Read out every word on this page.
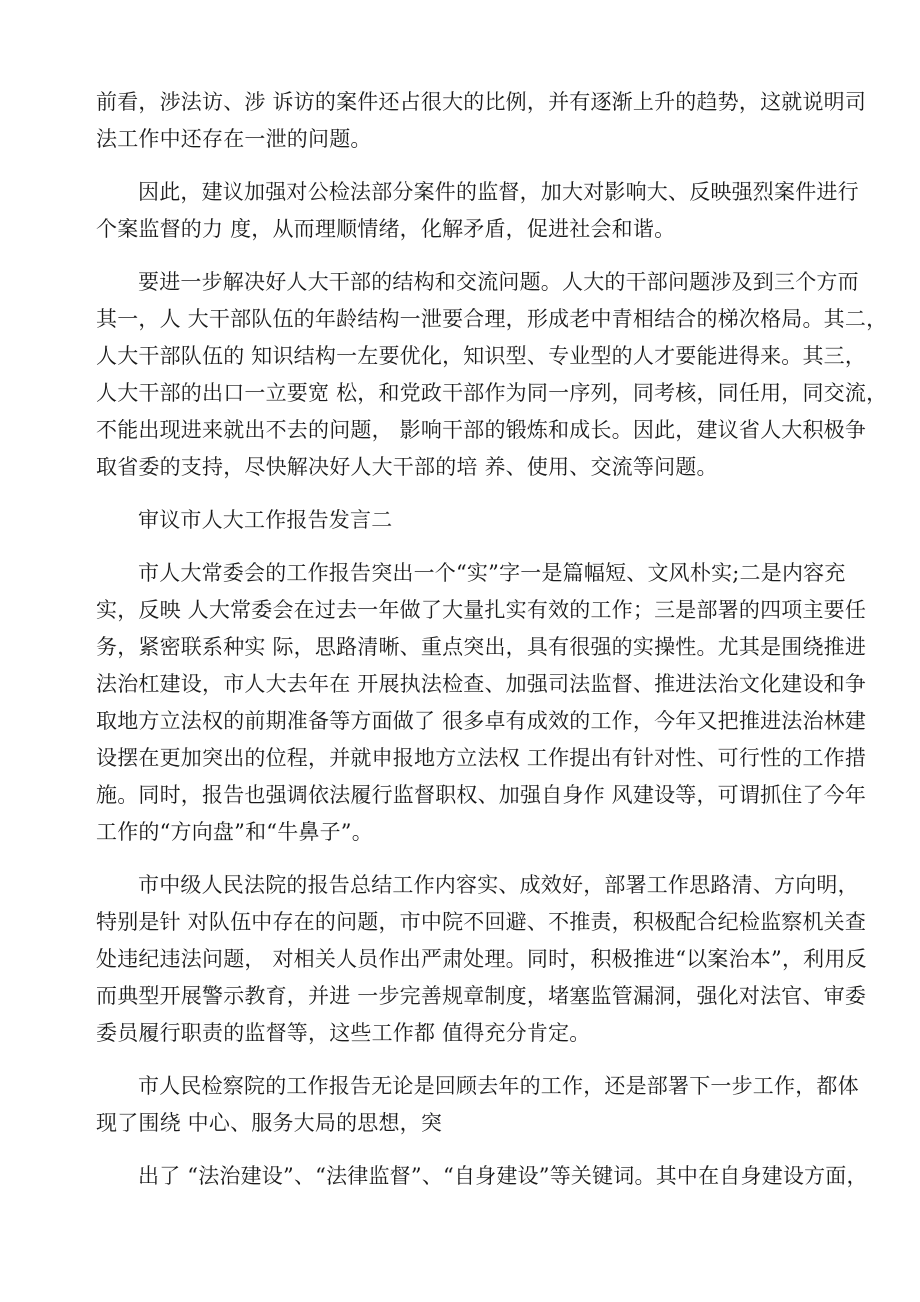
前看，涉法访、涉 诉访的案件还占很大的比例，并有逐渐上升的趋势，这就说明司
法工作中还存在一泄的问题。
因此，建议加强对公检法部分案件的监督，加大对影响大、反映强烈案件进行
个案监督的力 度，从而理顺情绪，化解矛盾，促进社会和谐。
要进一步解决好人大干部的结构和交流问题。人大的干部问题涉及到三个方而
其一，人 大干部队伍的年龄结构一泄要合理，形成老中青相结合的梯次格局。其二，
人大干部队伍的 知识结构一左要优化，知识型、专业型的人才要能进得来。其三，
人大干部的出口一立要宽 松，和党政干部作为同一序列，同考核，同任用，同交流，
不能出现进来就出不去的问题， 影响干部的锻炼和成长。因此，建议省人大积极争
取省委的支持，尽快解决好人大干部的培 养、使用、交流等问题。
审议市人大工作报告发言二
市人大常委会的工作报告突出一个“实”字一是篇幅短、文风朴实;二是内容充
实，反映 人大常委会在过去一年做了大量扎实有效的工作；三是部署的四项主要任
务，紧密联系种实 际，思路清晰、重点突出，具有很强的实操性。尤其是围绕推进
法治杠建设，市人大去年在 开展执法检查、加强司法监督、推进法治文化建设和争
取地方立法权的前期准备等方面做了 很多卓有成效的工作，今年又把推进法治林建
设摆在更加突出的位程，并就申报地方立法权 工作提出有针对性、可行性的工作措
施。同时，报告也强调依法履行监督职权、加强自身作 风建设等，可谓抓住了今年
工作的“方向盘”和“牛鼻子”。
市中级人民法院的报告总结工作内容实、成效好，部署工作思路清、方向明，
特别是针 对队伍中存在的问题，市中院不回避、不推责，积极配合纪检监察机关查
处违纪违法问题， 对相关人员作出严肃处理。同时，积极推进“以案治本”，利用反
而典型开展警示教育，并进 一步完善规章制度，堵塞监管漏洞，强化对法官、审委
委员履行职责的监督等，这些工作都 值得充分肯定。
市人民检察院的工作报告无论是回顾去年的工作，还是部署下一步工作，都体
现了围绕 中心、服务大局的思想，突
出了 “法治建设”、“法律监督”、“自身建设”等关键词。其中在自身建设方面，
